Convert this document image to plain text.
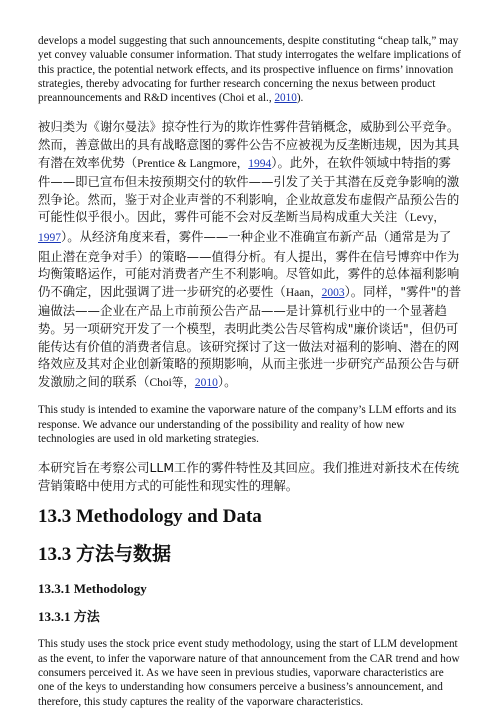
develops a model suggesting that such announcements, despite constituting “cheap talk,” may yet convey valuable consumer information. That study interrogates the welfare implications of this practice, the potential network effects, and its prospective influence on firms’ innovation strategies, thereby advocating for further research concerning the nexus between product preannouncements and R&D incentives (Choi et al., 2010).

被归类为《谢尔曼法》掠夺性行为的欺诈性雾件营销概念，威胁到公平竞争。然而，善意做出的具有战略意图的雾件公告不应被视为反垄断违规，因为其具有潜在效率优势（Prentice & Langmore，1994）。此外，在软件领域中特指的雾件——即已宣布但未按预期交付的软件——引发了关于其潜在反竞争影响的激烈争论。然而，鉴于对企业声誉的不利影响，企业故意发布虚假产品预公告的可能性似乎很小。因此，雾件可能不会对反垄断当局构成重大关注（Levy，1997）。从经济角度来看，雾件——一种企业不准确宣布新产品（通常是为了阻止潜在竞争对手）的策略——值得分析。有人提出，雾件在信号博弈中作为均衡策略运作，可能对消费者产生不利影响。尽管如此，雾件的总体福利影响仍不确定，因此强调了进一步研究的必要性（Haan，2003）。同样，"雾件"的普遍做法——企业在产品上市前预公告产品——是计算机行业中的一个显著趋势。另一项研究开发了一个模型，表明此类公告尽管构成"廉价谈话"，但仍可能传达有价值的消费者信息。该研究探讨了这一做法对福利的影响、潜在的网络效应及其对企业创新策略的预期影响，从而主张进一步研究产品预公告与研发激励之间的联系（Choi等，2010）。

This study is intended to examine the vaporware nature of the company’s LLM efforts and its response. We advance our understanding of the possibility and reality of how new technologies are used in old marketing strategies.

本研究旨在考察公司LLM工作的雾件特性及其回应。我们推进对新技术在传统营销策略中使用方式的可能性和现实性的理解。

13.3 Methodology and Data
13.3 方法与数据
13.3.1 Methodology
13.3.1 方法

This study uses the stock price event study methodology, using the start of LLM development as the event, to infer the vaporware nature of that announcement from the CAR trend and how consumers perceived it. As we have seen in previous studies, vaporware characteristics are one of the keys to understanding how consumers perceive a business’s announcement, and therefore, this study captures the reality of the vaporware characteristics.
